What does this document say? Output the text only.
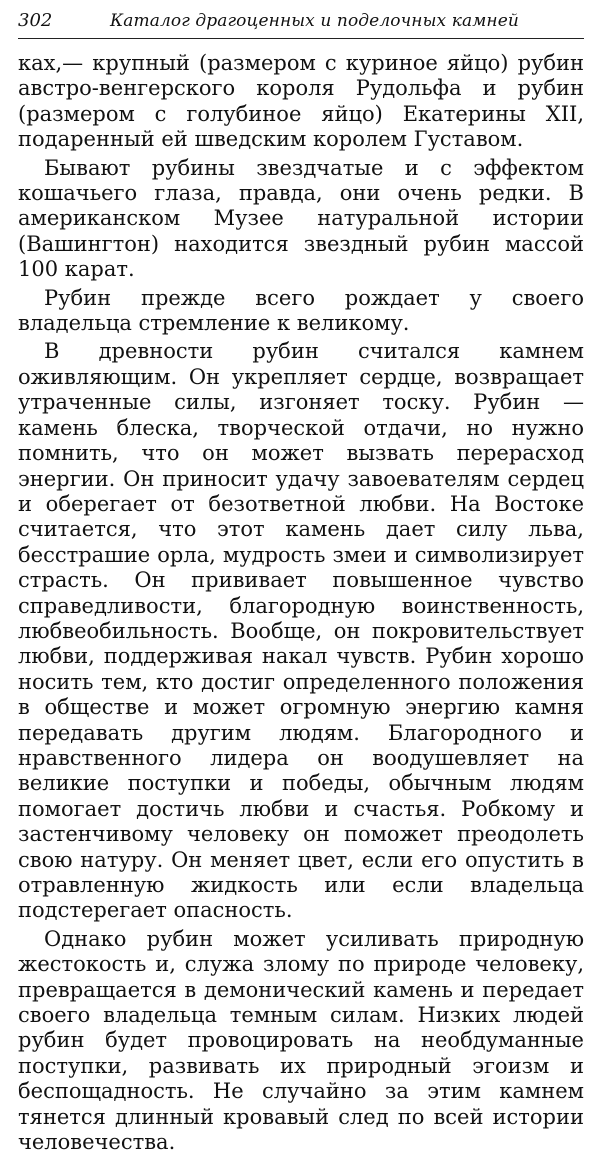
302	Каталог драгоценных и поделочных камней

ках,— крупный (размером с куриное яйцо) рубин австро-венгерского короля Рудольфа и рубин (размером с голубиное яйцо) Екатерины XII, подаренный ей шведским королем Густавом.

Бывают рубины звездчатые и с эффектом кошачьего глаза, правда, они очень редки. В американском Музее натуральной истории (Вашингтон) находится звездный рубин массой 100 карат.

Рубин прежде всего рождает у своего владельца стремление к великому.

В древности рубин считался камнем оживляющим. Он укрепляет сердце, возвращает утраченные силы, изгоняет тоску. Рубин — камень блеска, творческой отдачи, но нужно помнить, что он может вызвать перерасход энергии. Он приносит удачу завоевателям сердец и оберегает от безответной любви. На Востоке считается, что этот камень дает силу льва, бесстрашие орла, мудрость змеи и символизирует страсть. Он прививает повышенное чувство справедливости, благородную воинственность, любвеобильность. Вообще, он покровительствует любви, поддерживая накал чувств. Рубин хорошо носить тем, кто достиг определенного положения в обществе и может огромную энергию камня передавать другим людям. Благородного и нравственного лидера он воодушевляет на великие поступки и победы, обычным людям помогает достичь любви и счастья. Робкому и застенчивому человеку он поможет преодолеть свою натуру. Он меняет цвет, если его опустить в отравленную жидкость или если владельца подстерегает опасность.

Однако рубин может усиливать природную жестокость и, служа злому по природе человеку, превращается в демонический камень и передает своего владельца темным силам. Низких людей рубин будет провоцировать на необдуманные поступки, развивать их природный эгоизм и беспощадность. Не случайно за этим камнем тянется длинный кровавый след по всей истории человечества.
